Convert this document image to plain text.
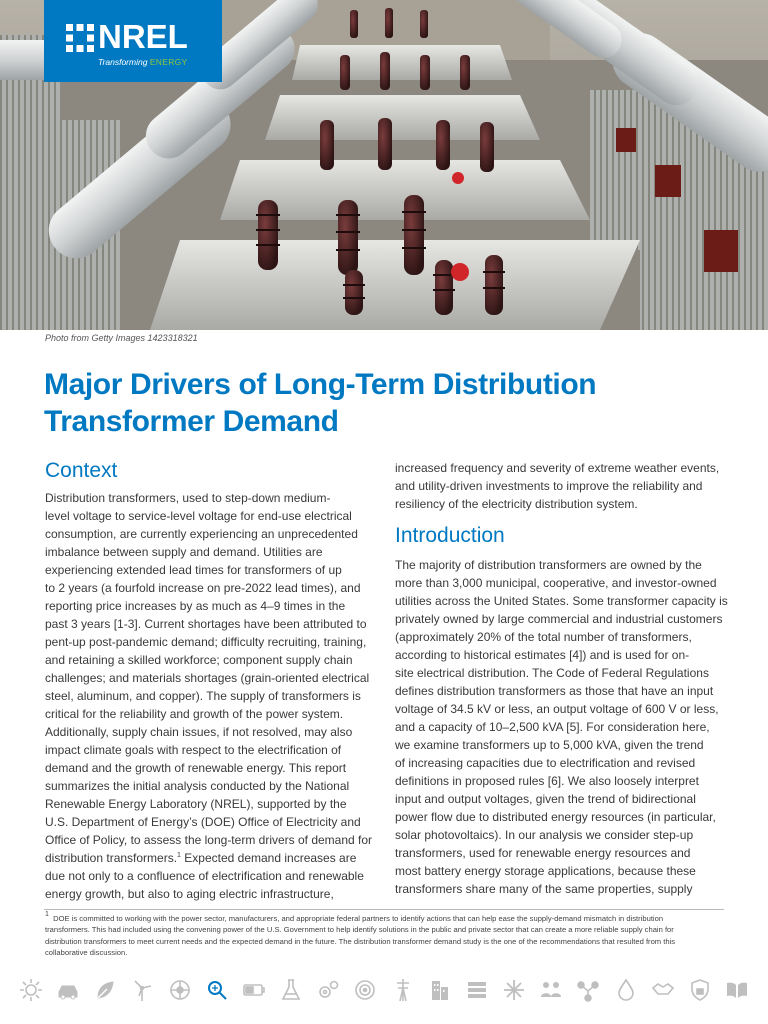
NREL
Transforming ENERGY
Photo from Getty Images 1423318321
Major Drivers of Long-Term Distribution
Transformer Demand
Context
Distribution transformers, used to step-down medium-
level voltage to service-level voltage for end-use electrical
consumption, are currently experiencing an unprecedented
imbalance between supply and demand. Utilities are
experiencing extended lead times for transformers of up
to 2 years (a fourfold increase on pre-2022 lead times), and
reporting price increases by as much as 4–9 times in the
past 3 years [1-3]. Current shortages have been attributed to
pent-up post-pandemic demand; difficulty recruiting, training,
and retaining a skilled workforce; component supply chain
challenges; and materials shortages (grain-oriented electrical
steel, aluminum, and copper). The supply of transformers is
critical for the reliability and growth of the power system.
Additionally, supply chain issues, if not resolved, may also
impact climate goals with respect to the electrification of
demand and the growth of renewable energy. This report
summarizes the initial analysis conducted by the National
Renewable Energy Laboratory (NREL), supported by the
U.S. Department of Energy’s (DOE) Office of Electricity and
Office of Policy, to assess the long-term drivers of demand for
distribution transformers.$^1$ Expected demand increases are
due not only to a confluence of electrification and renewable
energy growth, but also to aging electric infrastructure,
increased frequency and severity of extreme weather events,
and utility-driven investments to improve the reliability and
resiliency of the electricity distribution system.
Introduction
The majority of distribution transformers are owned by the
more than 3,000 municipal, cooperative, and investor-owned
utilities across the United States. Some transformer capacity is
privately owned by large commercial and industrial customers
(approximately 20% of the total number of transformers,
according to historical estimates [4]) and is used for on-
site electrical distribution. The Code of Federal Regulations
defines distribution transformers as those that have an input
voltage of 34.5 kV or less, an output voltage of 600 V or less,
and a capacity of 10–2,500 kVA [5]. For consideration here,
we examine transformers up to 5,000 kVA, given the trend
of increasing capacities due to electrification and revised
definitions in proposed rules [6]. We also loosely interpret
input and output voltages, given the trend of bidirectional
power flow due to distributed energy resources (in particular,
solar photovoltaics). In our analysis we consider step-up
transformers, used for renewable energy resources and
most battery energy storage applications, because these
transformers share many of the same properties, supply
$^1$ DOE is committed to working with the power sector, manufacturers, and appropriate federal partners to identify actions that can help ease the supply-demand mismatch in distribution
transformers. This had included using the convening power of the U.S. Government to help identify solutions in the public and private sector that can create a more reliable supply chain for
distribution transformers to meet current needs and the expected demand in the future. The distribution transformer demand study is the one of the recommendations that resulted from this
collaborative discussion.
